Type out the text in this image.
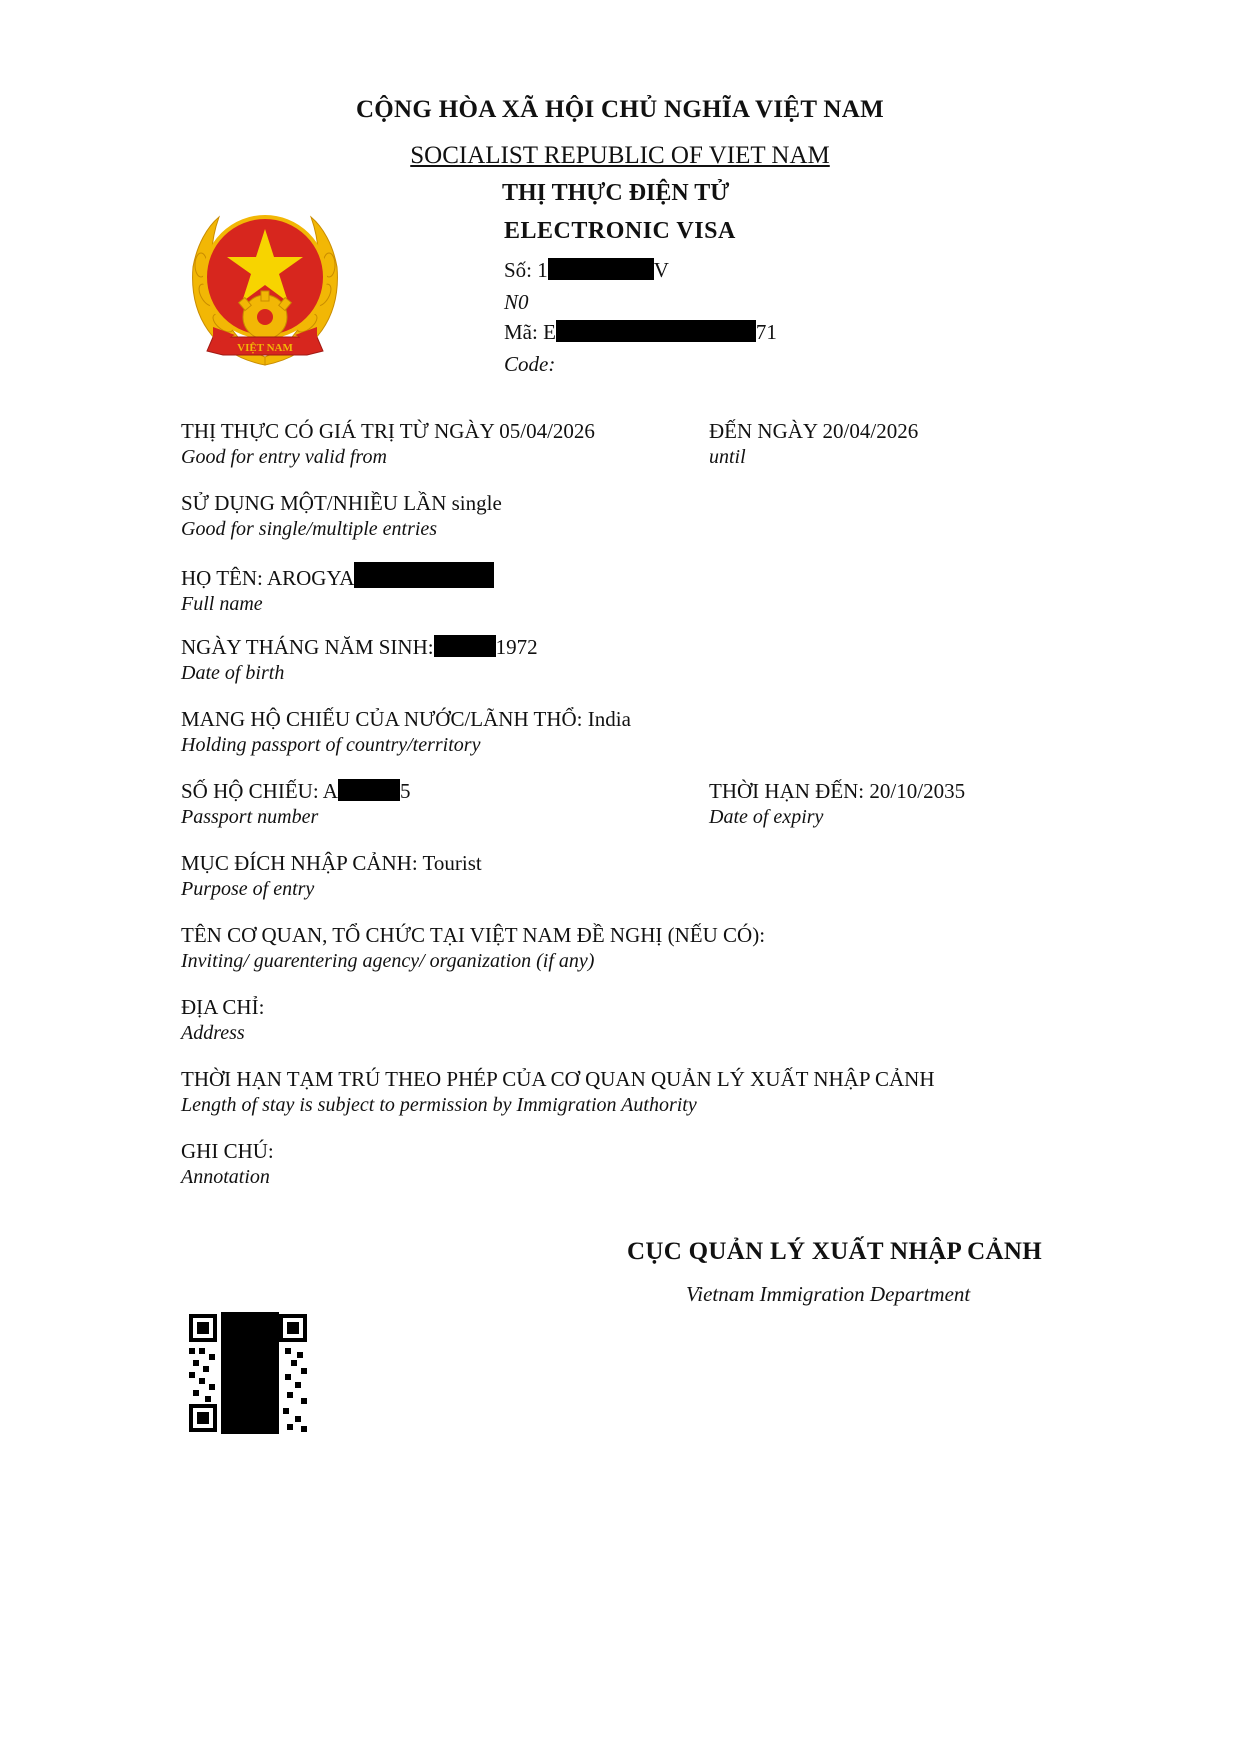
CỘNG HÒA XÃ HỘI CHỦ NGHĨA VIỆT NAM
SOCIALIST REPUBLIC OF VIET NAM
THỊ THỰC ĐIỆN TỬ
ELECTRONIC VISA
VIỆT NAM
Số: 1	V
N0
Mã: E	71
Code:
THỊ THỰC CÓ GIÁ TRỊ TỪ NGÀY 05/04/2026
Good for entry valid from
ĐẾN NGÀY 20/04/2026
until
SỬ DỤNG MỘT/NHIỀU LẦN single
Good for single/multiple entries
HỌ TÊN: AROGYA
Full name
NGÀY THÁNG NĂM SINH:	1972
Date of birth
MANG HỘ CHIẾU CỦA NƯỚC/LÃNH THỔ: India
Holding passport of country/territory
SỐ HỘ CHIẾU: A	5
Passport number
THỜI HẠN ĐẾN: 20/10/2035
Date of expiry
MỤC ĐÍCH NHẬP CẢNH: Tourist
Purpose of entry
TÊN CƠ QUAN, TỔ CHỨC TẠI VIỆT NAM ĐỀ NGHỊ (NẾU CÓ):
Inviting/ guarentering agency/ organization (if any)
ĐỊA CHỈ:
Address
THỜI HẠN TẠM TRÚ THEO PHÉP CỦA CƠ QUAN QUẢN LÝ XUẤT NHẬP CẢNH
Length of stay is subject to permission by Immigration Authority
GHI CHÚ:
Annotation
CỤC QUẢN LÝ XUẤT NHẬP CẢNH
Vietnam Immigration Department
